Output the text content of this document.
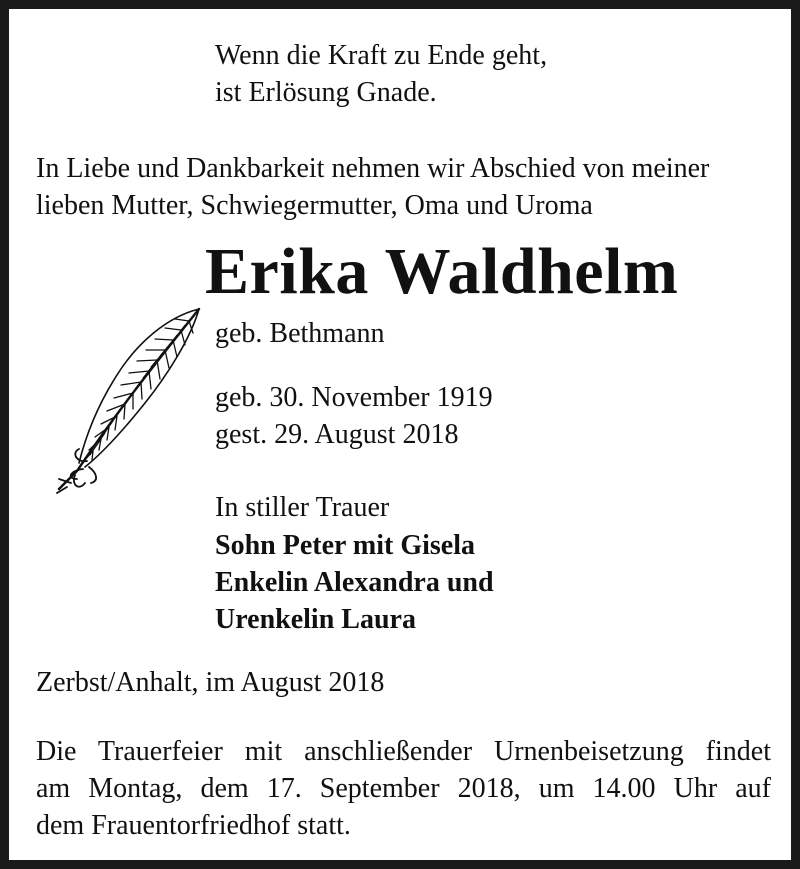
Wenn die Kraft zu Ende geht,

ist Erlösung Gnade.

In Liebe und Dankbarkeit nehmen wir Abschied von meiner

lieben Mutter, Schwiegermutter, Oma und Uroma

Erika Waldhelm

geb. Bethmann

geb. 30. November 1919

gest. 29. August 2018

In stiller Trauer

Sohn Peter mit Gisela

Enkelin Alexandra und

Urenkelin Laura

Zerbst/Anhalt, im August 2018

Die Trauerfeier mit anschließender Urnenbeisetzung findet
am Montag, dem 17. September 2018, um 14.00 Uhr auf
dem Frauentorfriedhof statt.
